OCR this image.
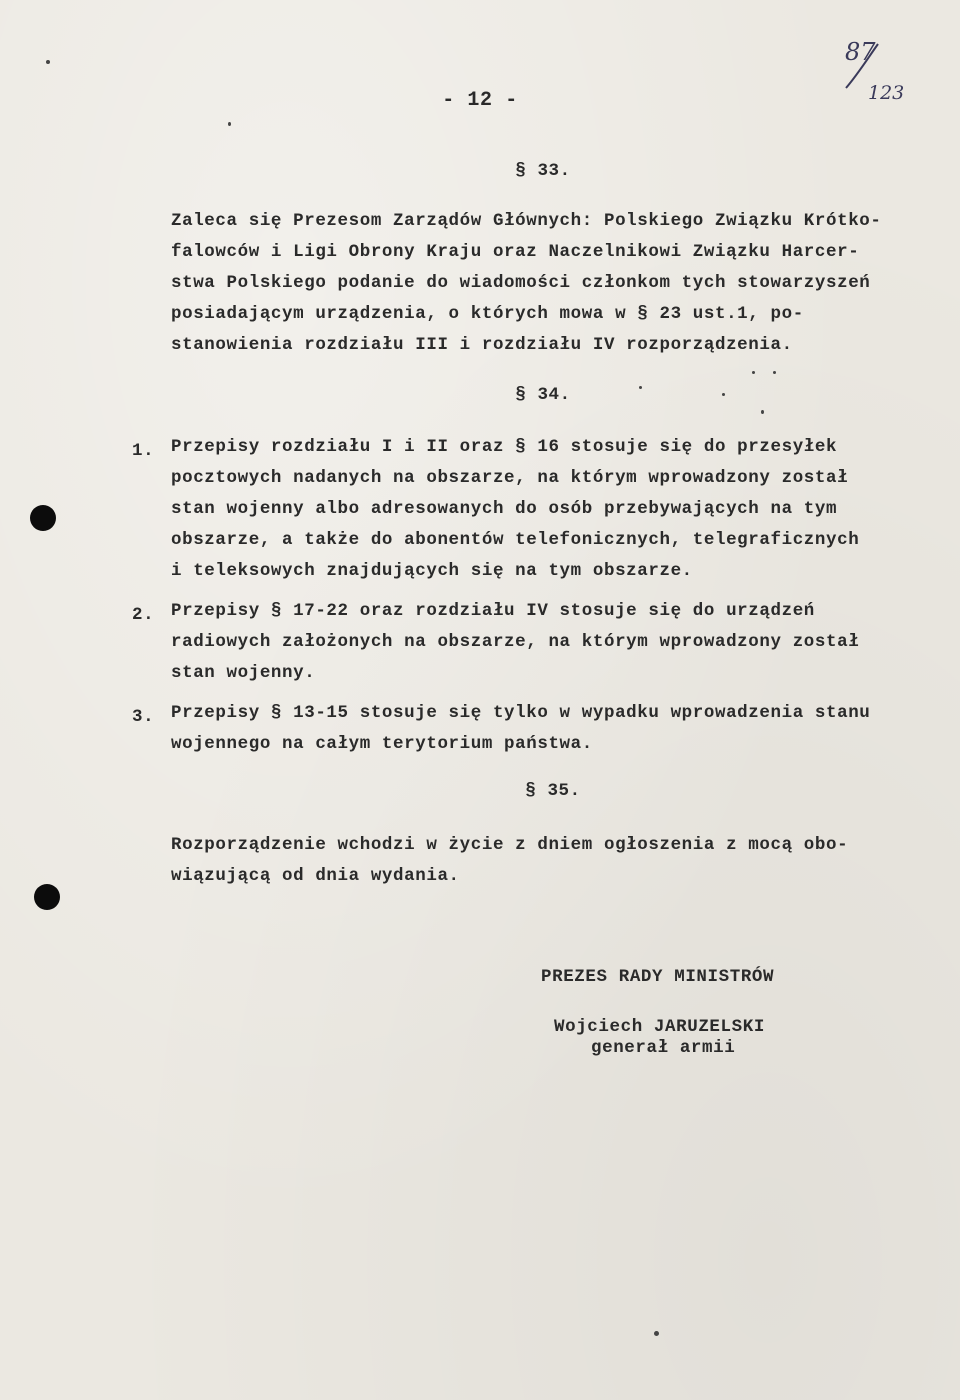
87
123
- 12 -
§ 33.
Zaleca się Prezesom Zarządów Głównych: Polskiego Związku Krótko-
falowców i Ligi Obrony Kraju oraz Naczelnikowi Związku Harcer-
stwa Polskiego podanie do wiadomości członkom tych stowarzyszeń
posiadającym urządzenia, o których mowa w § 23 ust.1, po-
stanowienia rozdziału III i rozdziału IV rozporządzenia.
§ 34.
1. Przepisy rozdziału I i II oraz § 16 stosuje się do przesyłek
pocztowych nadanych na obszarze, na którym wprowadzony został
stan wojenny albo adresowanych do osób przebywających na tym
obszarze, a także do abonentów telefonicznych, telegraficznych
i teleksowych znajdujących się na tym obszarze.
2. Przepisy § 17-22 oraz rozdziału IV stosuje się do urządzeń
radiowych założonych na obszarze, na którym wprowadzony został
stan wojenny.
3. Przepisy § 13-15 stosuje się tylko w wypadku wprowadzenia stanu
wojennego na całym terytorium państwa.
§ 35.
Rozporządzenie wchodzi w życie z dniem ogłoszenia z mocą obo-
wiązującą od dnia wydania.
PREZES RADY MINISTRÓW
Wojciech JARUZELSKI
generał armii
